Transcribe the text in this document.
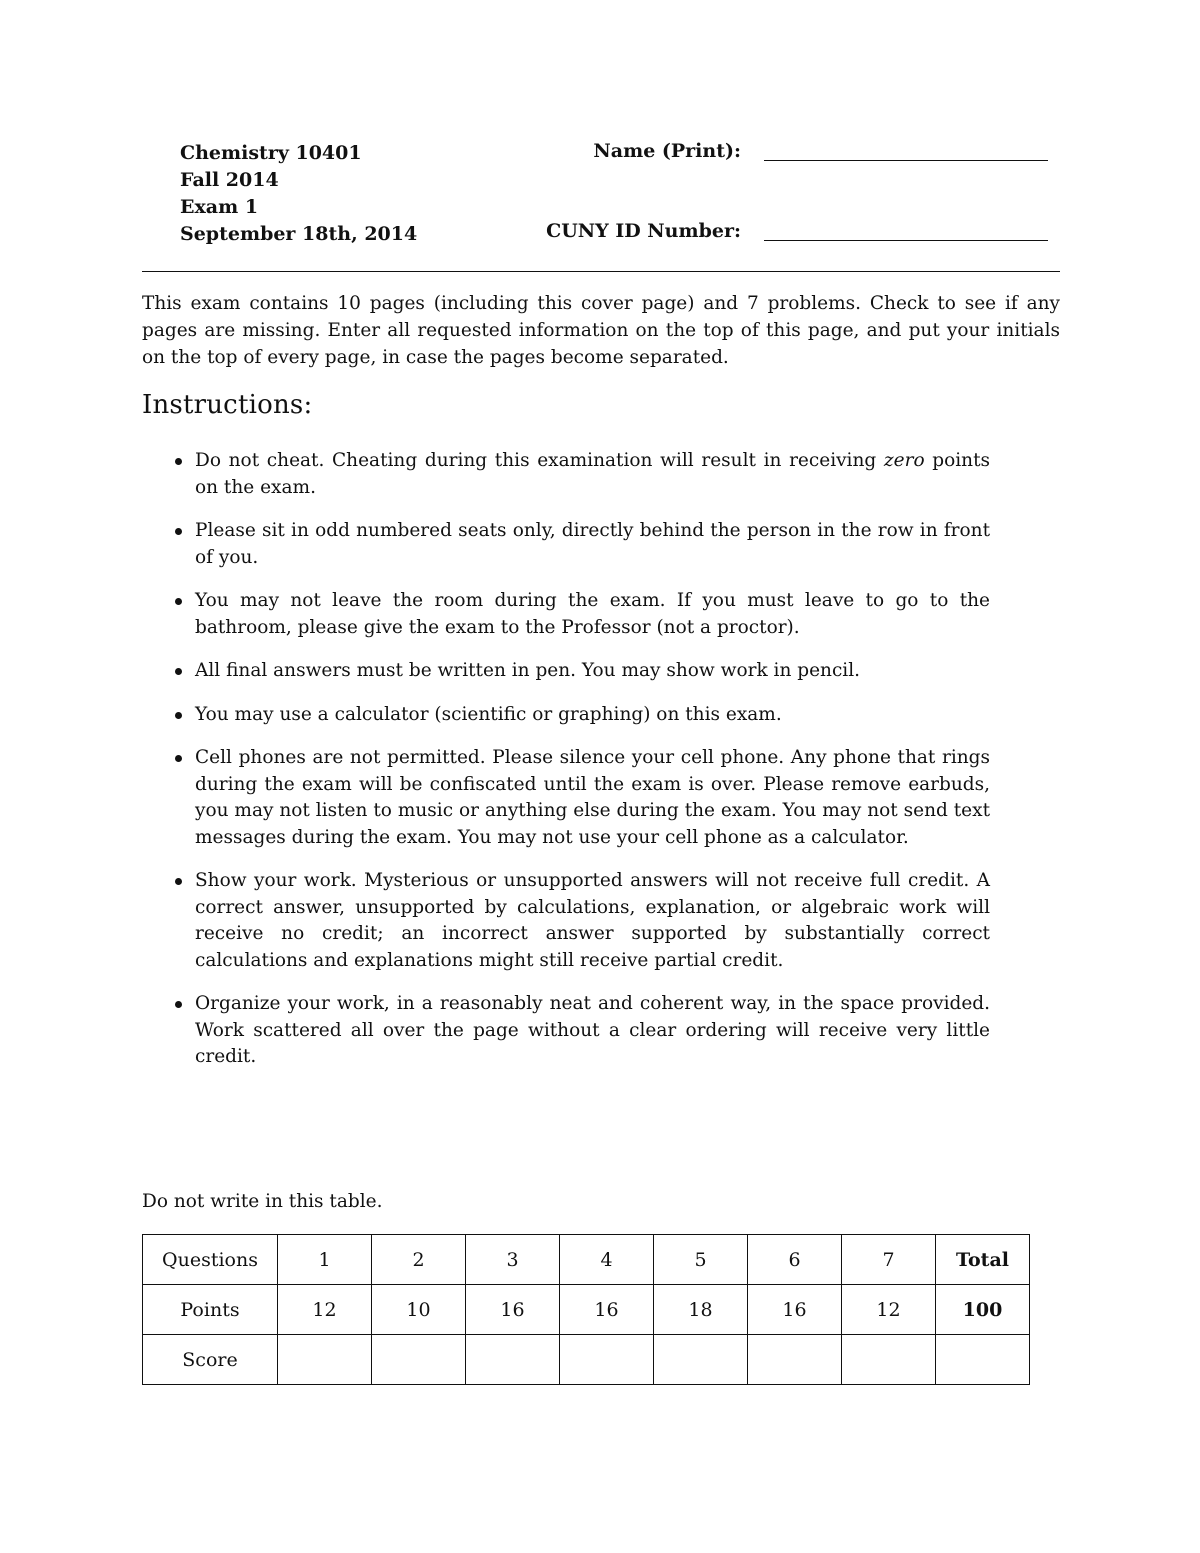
Chemistry 10401
Fall 2014
Exam 1
September 18th, 2014
Name (Print):
CUNY ID Number:
This exam contains 10 pages (including this cover page) and 7 problems. Check to see if any pages are missing. Enter all requested information on the top of this page, and put your initials on the top of every page, in case the pages become separated.
Instructions:
Do not cheat. Cheating during this examination will result in receiving zero points on the exam.
Please sit in odd numbered seats only, directly behind the person in the row in front of you.
You may not leave the room during the exam. If you must leave to go to the bathroom, please give the exam to the Professor (not a proctor).
All final answers must be written in pen. You may show work in pencil.
You may use a calculator (scientific or graphing) on this exam.
Cell phones are not permitted. Please silence your cell phone. Any phone that rings during the exam will be confiscated until the exam is over. Please remove earbuds, you may not listen to music or anything else during the exam. You may not send text messages during the exam. You may not use your cell phone as a calculator.
Show your work. Mysterious or unsupported answers will not receive full credit. A correct answer, unsupported by calculations, explanation, or algebraic work will receive no credit; an incorrect answer supported by substantially correct calculations and explanations might still receive partial credit.
Organize your work, in a reasonably neat and coherent way, in the space provided. Work scattered all over the page without a clear ordering will receive very little credit.
Do not write in this table.
Questions	1	2	3	4	5	6	7	Total
Points	12	10	16	16	18	16	12	100
Score								
